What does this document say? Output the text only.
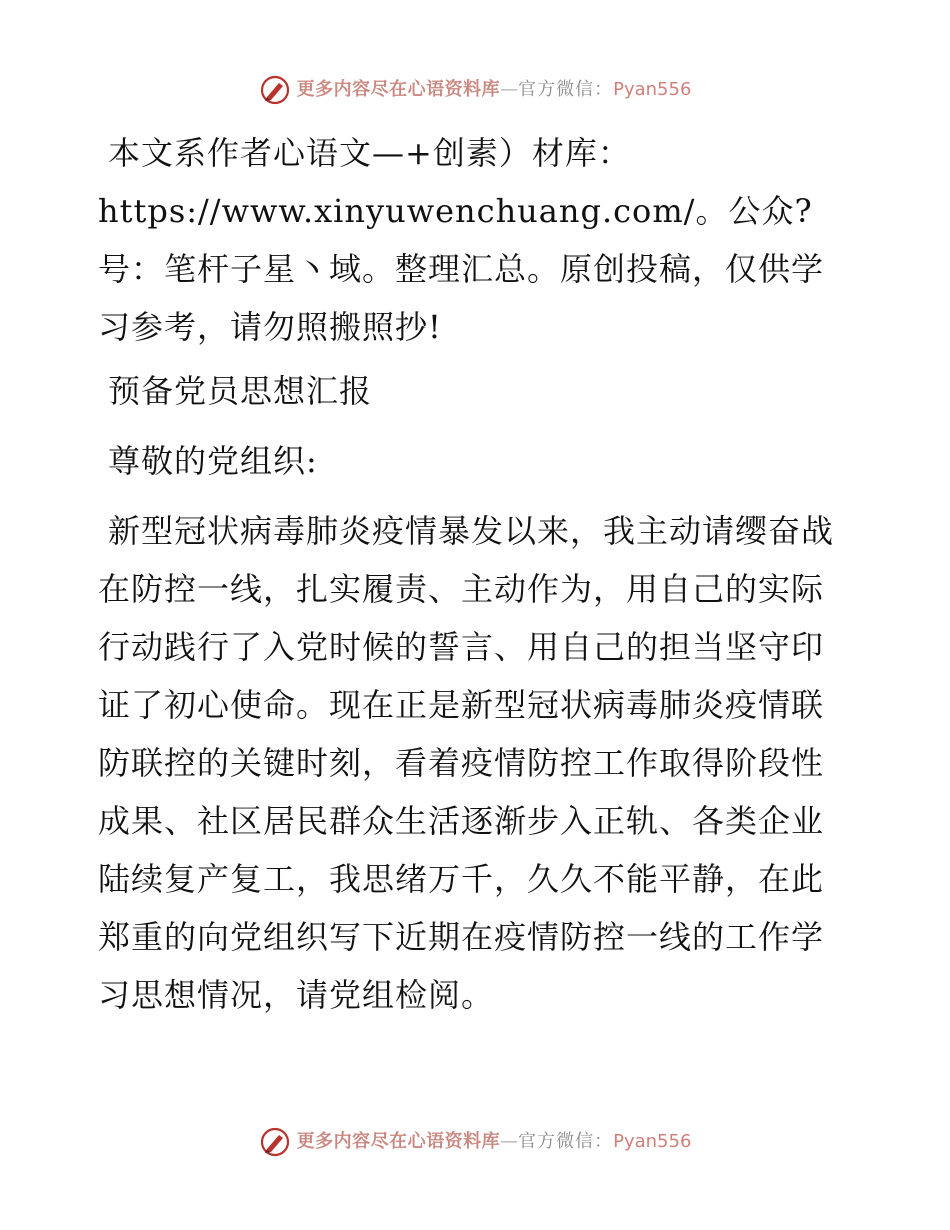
更多内容尽在心语资料库 — 官方微信： Pyan556

本文系作者心语文—+创素）材库：https://www.xinyuwenchuang.com/。公众?号：笔杆子星丶域。整理汇总。原创投稿，仅供学习参考，请勿照搬照抄!

预备党员思想汇报

尊敬的党组织:

新型冠状病毒肺炎疫情暴发以来，我主动请缨奋战在防控一线，扎实履责、主动作为，用自己的实际行动践行了入党时候的誓言、用自己的担当坚守印证了初心使命。现在正是新型冠状病毒肺炎疫情联防联控的关键时刻，看着疫情防控工作取得阶段性成果、社区居民群众生活逐渐步入正轨、各类企业陆续复产复工，我思绪万千，久久不能平静，在此郑重的向党组织写下近期在疫情防控一线的工作学习思想情况，请党组检阅。

更多内容尽在心语资料库 — 官方微信： Pyan556
